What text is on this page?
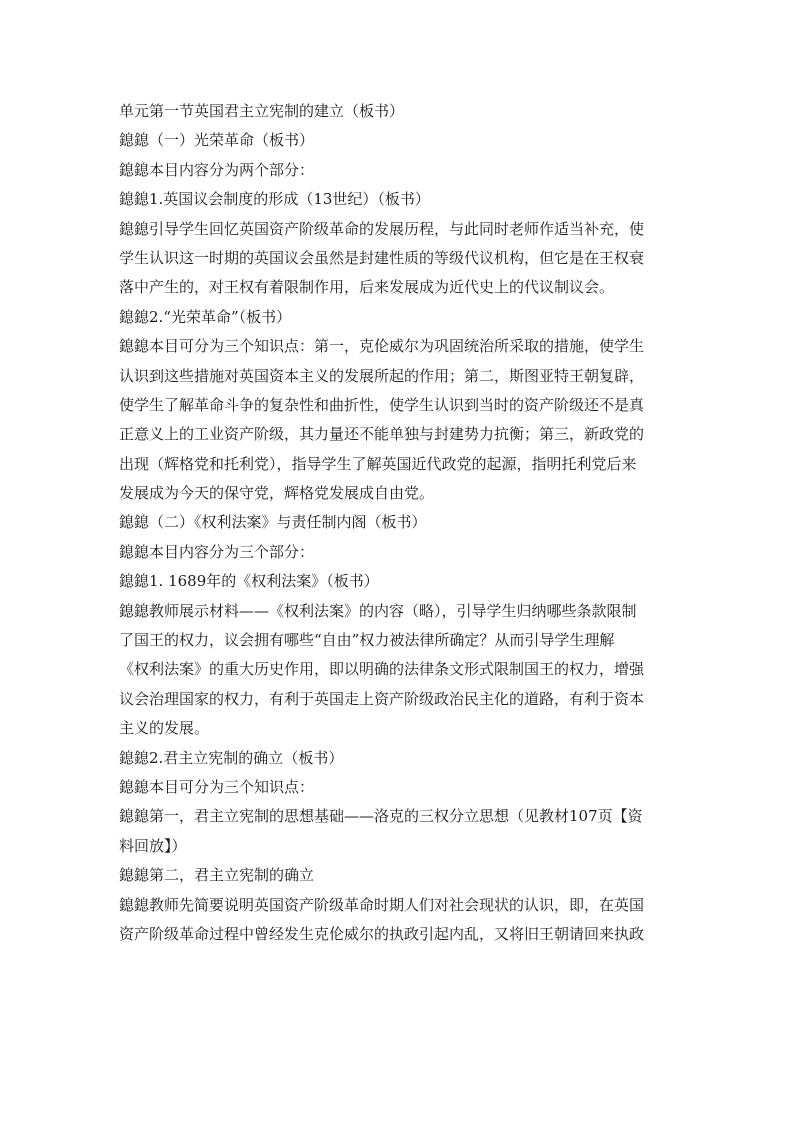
单元第一节英国君主立宪制的建立（板书）
鎴鎴（一）光荣革命（板书）
鎴鎴本目内容分为两个部分：
鎴鎴1.英国议会制度的形成（13世纪）（板书）
鎴鎴引导学生回忆英国资产阶级革命的发展历程，与此同时老师作适当补充，使
学生认识这一时期的英国议会虽然是封建性质的等级代议机构，但它是在王权衰
落中产生的，对王权有着限制作用，后来发展成为近代史上的代议制议会。
鎴鎴2.“光荣革命”（板书）
鎴鎴本目可分为三个知识点：第一，克伦威尔为巩固统治所采取的措施，使学生
认识到这些措施对英国资本主义的发展所起的作用；第二，斯图亚特王朝复辟，
使学生了解革命斗争的复杂性和曲折性，使学生认识到当时的资产阶级还不是真
正意义上的工业资产阶级，其力量还不能单独与封建势力抗衡；第三，新政党的
出现（辉格党和托利党），指导学生了解英国近代政党的起源，指明托利党后来
发展成为今天的保守党，辉格党发展成自由党。
鎴鎴（二）《权利法案》与责任制内阁（板书）
鎴鎴本目内容分为三个部分：
鎴鎴1. 1689年的《权利法案》（板书）
鎴鎴教师展示材料——《权利法案》的内容（略），引导学生归纳哪些条款限制
了国王的权力，议会拥有哪些“自由”权力被法律所确定？从而引导学生理解
《权利法案》的重大历史作用，即以明确的法律条文形式限制国王的权力，增强
议会治理国家的权力，有利于英国走上资产阶级政治民主化的道路，有利于资本
主义的发展。
鎴鎴2.君主立宪制的确立（板书）
鎴鎴本目可分为三个知识点：
鎴鎴第一，君主立宪制的思想基础——洛克的三权分立思想（见教材107页【资
料回放】）
鎴鎴第二，君主立宪制的确立
鎴鎴教师先简要说明英国资产阶级革命时期人们对社会现状的认识，即，在英国
资产阶级革命过程中曾经发生克伦威尔的执政引起内乱，又将旧王朝请回来执政
